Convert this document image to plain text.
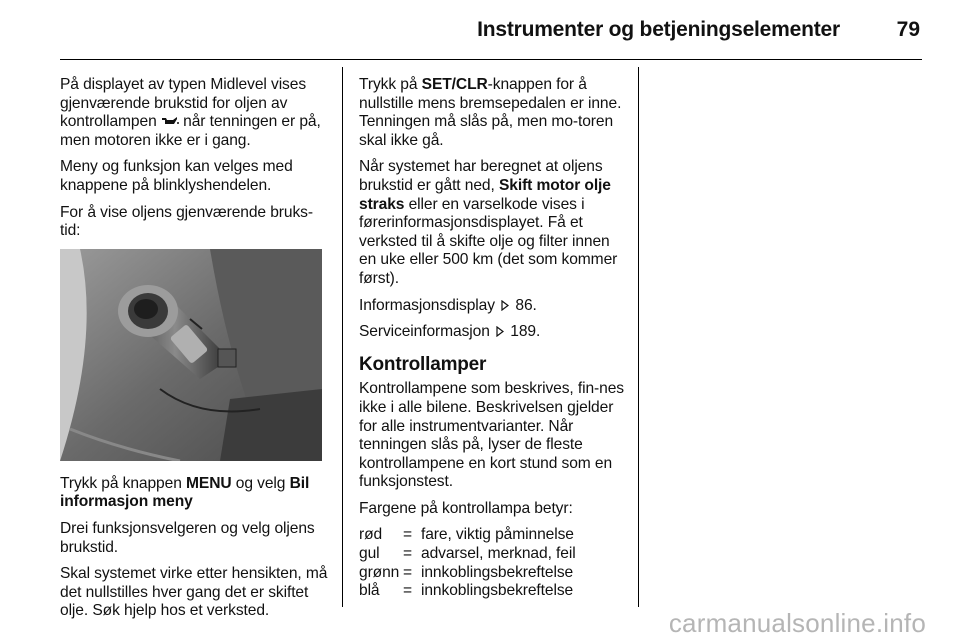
Instrumenter og betjeningselementer	79

På displayet av typen Midlevel vises gjenværende brukstid for oljen av kontrollampen når tenningen er på, men motoren ikke er i gang.

Meny og funksjon kan velges med knappene på blinklyshendelen.

For å vise oljens gjenværende bruks-tid:

Trykk på knappen MENU og velg Bil informasjon meny

Drei funksjonsvelgeren og velg oljens brukstid.

Skal systemet virke etter hensikten, må det nullstilles hver gang det er skiftet olje. Søk hjelp hos et verksted.

Trykk på SET/CLR-knappen for å nullstille mens bremsepedalen er inne. Tenningen må slås på, men mo-toren skal ikke gå.

Når systemet har beregnet at oljens brukstid er gått ned, Skift motor olje straks eller en varselkode vises i førerinformasjonsdisplayet. Få et verksted til å skifte olje og filter innen en uke eller 500 km (det som kommer først).

Informasjonsdisplay 86.

Serviceinformasjon 189.

Kontrollamper

Kontrollampene som beskrives, fin-nes ikke i alle bilene. Beskrivelsen gjelder for alle instrumentvarianter. Når tenningen slås på, lyser de fleste kontrollampene en kort stund som en funksjonstest.

Fargene på kontrollampa betyr:

rød	=	fare, viktig påminnelse
gul	=	advarsel, merknad, feil
grønn	=	innkoblingsbekreftelse
blå	=	innkoblingsbekreftelse
carmanualsonline.info
